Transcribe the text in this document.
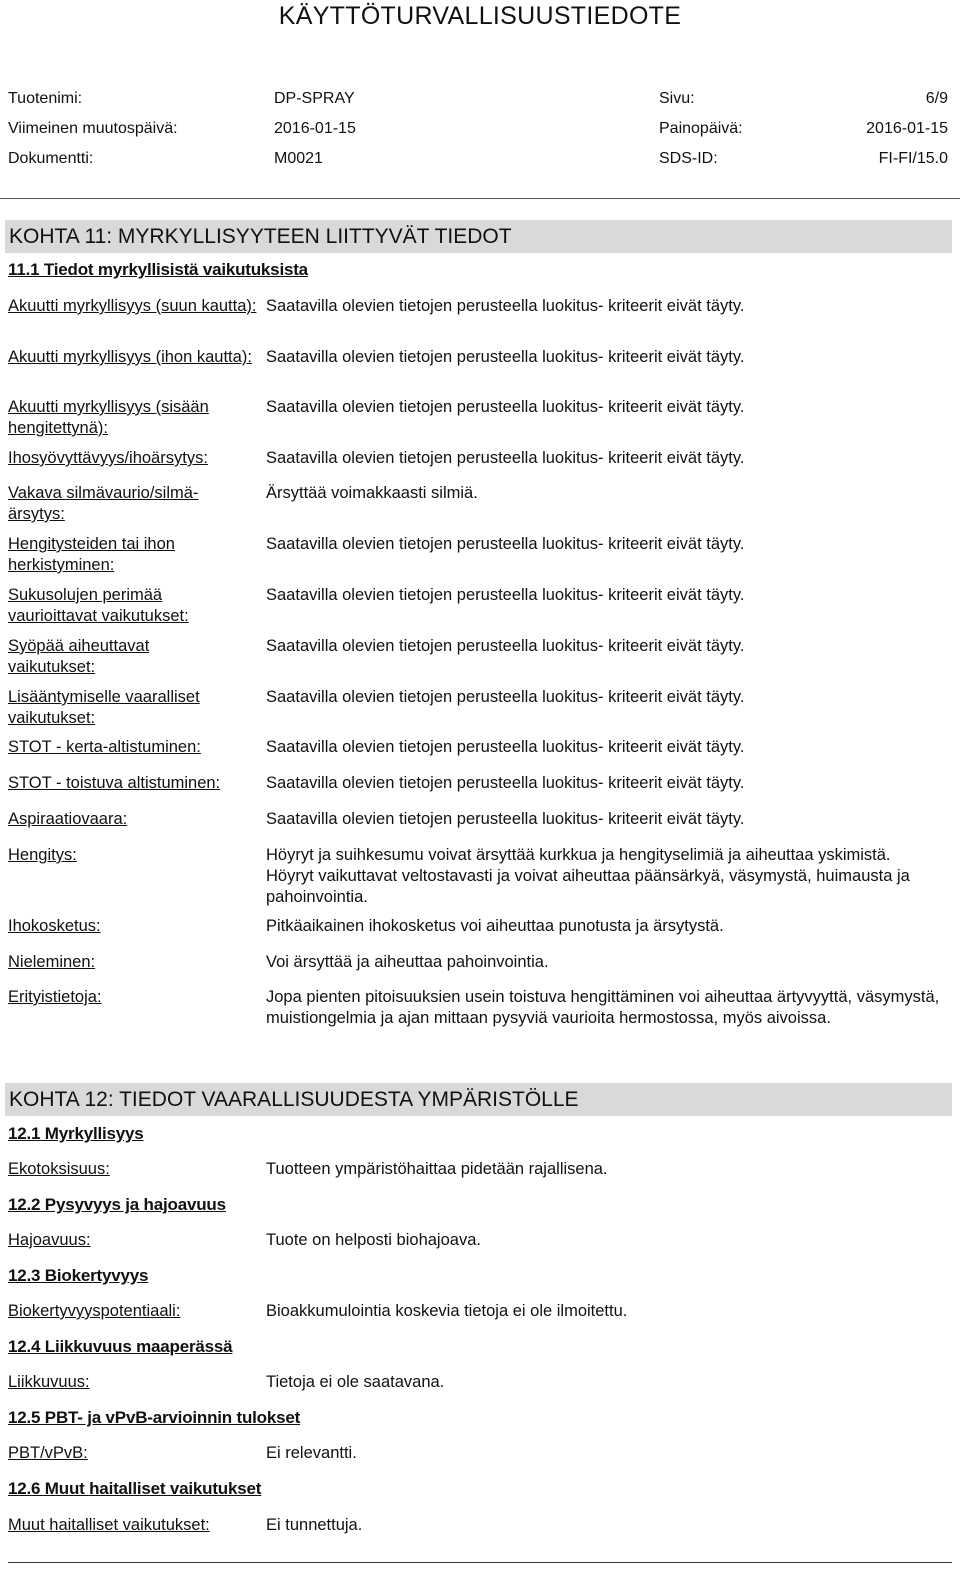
KÄYTTÖTURVALLISUUSTIEDOTE
Tuotenimi:	DP-SPRAY	Sivu:	6/9
Viimeinen muutospäivä:	2016-01-15	Painopäivä:	2016-01-15
Dokumentti:	M0021	SDS-ID:	FI-FI/15.0
KOHTA 11: MYRKYLLISYYTEEN LIITTYVÄT TIEDOT
11.1 Tiedot myrkyllisistä vaikutuksista
Akuutti myrkyllisyys (suun kautta): Saatavilla olevien tietojen perusteella luokitus- kriteerit eivät täyty.
Akuutti myrkyllisyys (ihon kautta): Saatavilla olevien tietojen perusteella luokitus- kriteerit eivät täyty.
Akuutti myrkyllisyys (sisään hengitettynä):
Saatavilla olevien tietojen perusteella luokitus- kriteerit eivät täyty.
Ihosyövyttävyys/ihoärsytys:	Saatavilla olevien tietojen perusteella luokitus- kriteerit eivät täyty.
Vakava silmävaurio/silmä-ärsytys:
Ärsyttää voimakkaasti silmiä.
Hengitysteiden tai ihon herkistyminen:
Saatavilla olevien tietojen perusteella luokitus- kriteerit eivät täyty.
Sukusolujen perimää vaurioittavat vaikutukset:
Saatavilla olevien tietojen perusteella luokitus- kriteerit eivät täyty.
Syöpää aiheuttavat vaikutukset:
Saatavilla olevien tietojen perusteella luokitus- kriteerit eivät täyty.
Lisääntymiselle vaaralliset vaikutukset:
Saatavilla olevien tietojen perusteella luokitus- kriteerit eivät täyty.
STOT - kerta-altistuminen:	Saatavilla olevien tietojen perusteella luokitus- kriteerit eivät täyty.
STOT - toistuva altistuminen:	Saatavilla olevien tietojen perusteella luokitus- kriteerit eivät täyty.
Aspiraatiovaara:	Saatavilla olevien tietojen perusteella luokitus- kriteerit eivät täyty.
Hengitys:	Höyryt ja suihkesumu voivat ärsyttää kurkkua ja hengityselimiä ja aiheuttaa yskimistä. Höyryt vaikuttavat veltostavasti ja voivat aiheuttaa päänsärkyä, väsymystä, huimausta ja pahoinvointia.
Ihokosketus:	Pitkäaikainen ihokosketus voi aiheuttaa punotusta ja ärsytystä.
Nieleminen:	Voi ärsyttää ja aiheuttaa pahoinvointia.
Erityistietoja:	Jopa pienten pitoisuuksien usein toistuva hengittäminen voi aiheuttaa ärtyvyyttä, väsymystä, muistiongelmia ja ajan mittaan pysyviä vaurioita hermostossa, myös aivoissa.
KOHTA 12: TIEDOT VAARALLISUUDESTA YMPÄRISTÖLLE
12.1 Myrkyllisyys
Ekotoksisuus:	Tuotteen ympäristöhaittaa pidetään rajallisena.
12.2 Pysyvyys ja hajoavuus
Hajoavuus:	Tuote on helposti biohajoava.
12.3 Biokertyvyys
Biokertyvyyspotentiaali:	Bioakkumulointia koskevia tietoja ei ole ilmoitettu.
12.4 Liikkuvuus maaperässä
Liikkuvuus:	Tietoja ei ole saatavana.
12.5 PBT- ja vPvB-arvioinnin tulokset
PBT/vPvB:	Ei relevantti.
12.6 Muut haitalliset vaikutukset
Muut haitalliset vaikutukset:	Ei tunnettuja.
